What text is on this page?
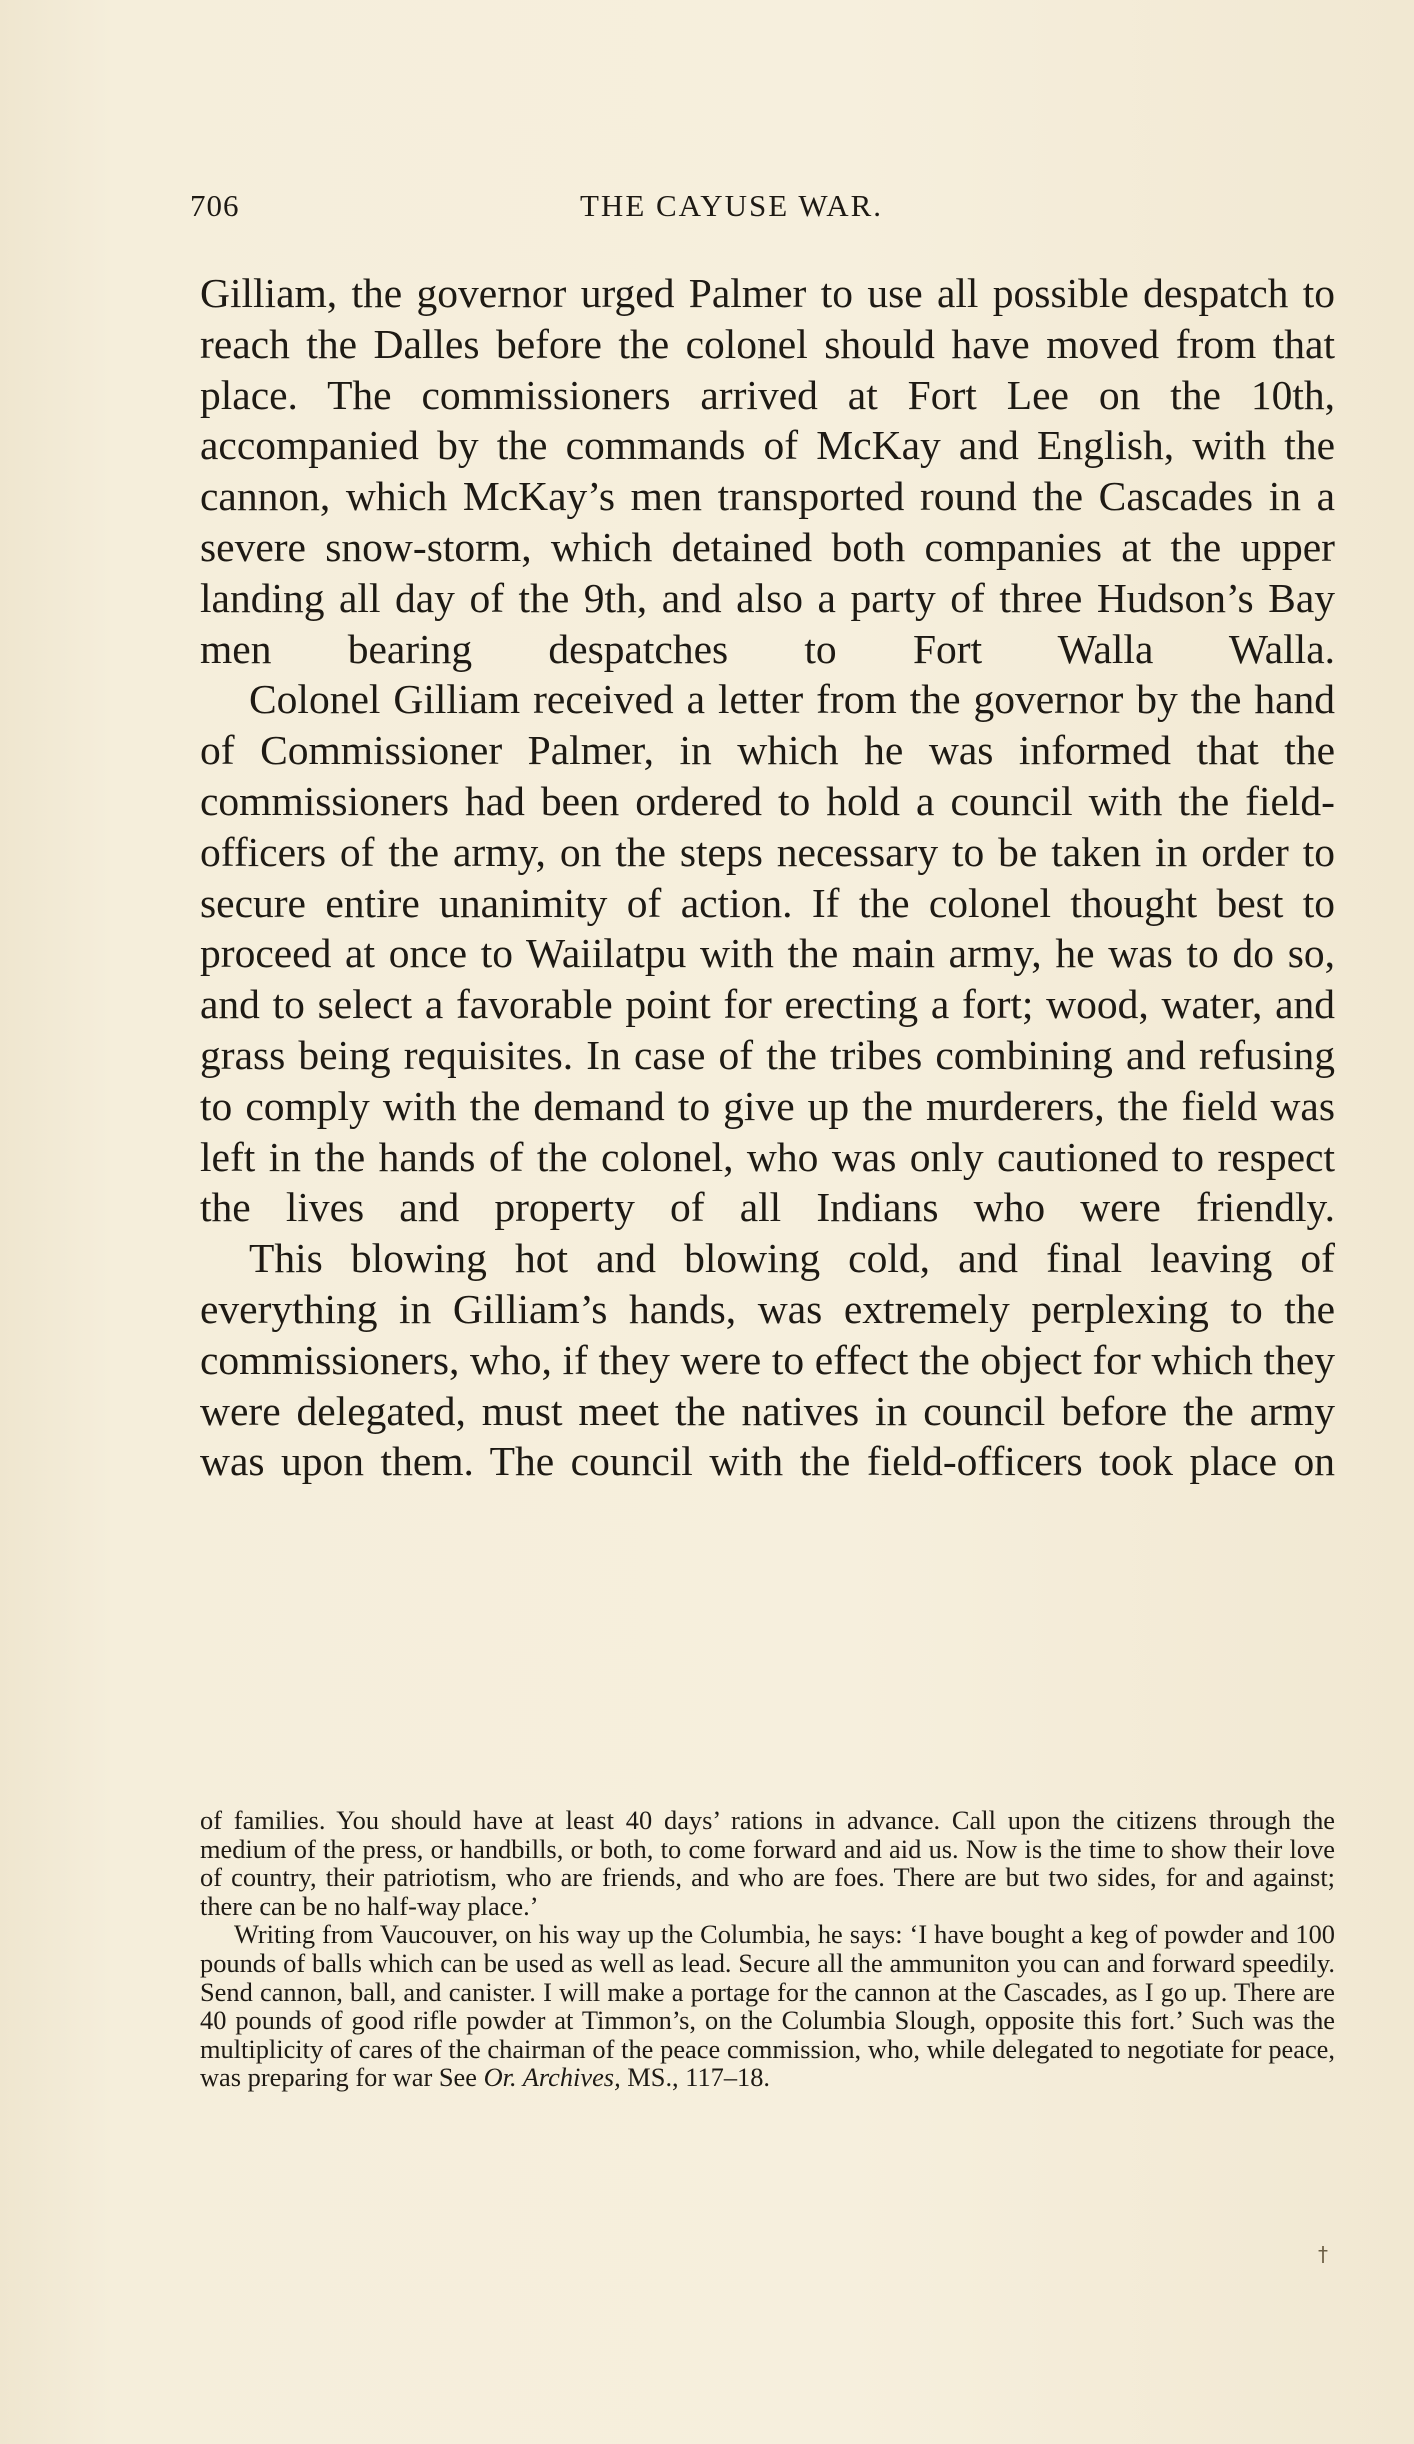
706	THE CAYUSE WAR.

Gilliam, the governor urged Palmer to use all possible despatch to reach the Dalles before the colonel should have moved from that place. The commissioners arrived at Fort Lee on the 10th, accompanied by the commands of McKay and English, with the cannon, which McKay’s men transported round the Cascades in a severe snow-storm, which detained both companies at the upper landing all day of the 9th, and also a party of three Hudson’s Bay men bearing despatches to Fort Walla Walla.

Colonel Gilliam received a letter from the governor by the hand of Commissioner Palmer, in which he was informed that the commissioners had been ordered to hold a council with the field-officers of the army, on the steps necessary to be taken in order to secure entire unanimity of action. If the colonel thought best to proceed at once to Waiilatpu with the main army, he was to do so, and to select a favorable point for erecting a fort; wood, water, and grass being requisites. In case of the tribes combining and refusing to comply with the demand to give up the murderers, the field was left in the hands of the colonel, who was only cautioned to respect the lives and property of all Indians who were friendly.

This blowing hot and blowing cold, and final leaving of everything in Gilliam’s hands, was extremely perplexing to the commissioners, who, if they were to effect the object for which they were delegated, must meet the natives in council before the army was upon them. The council with the field-officers took place on

of families. You should have at least 40 days’ rations in advance. Call upon the citizens through the medium of the press, or handbills, or both, to come forward and aid us. Now is the time to show their love of country, their patriotism, who are friends, and who are foes. There are but two sides, for and against; there can be no half-way place.’

Writing from Vaucouver, on his way up the Columbia, he says: ‘I have bought a keg of powder and 100 pounds of balls which can be used as well as lead. Secure all the ammuniton you can and forward speedily. Send cannon, ball, and canister. I will make a portage for the cannon at the Cascades, as I go up. There are 40 pounds of good rifle powder at Timmon’s, on the Columbia Slough, opposite this fort.’ Such was the multiplicity of cares of the chairman of the peace commission, who, while delegated to negotiate for peace, was preparing for war See Or. Archives, MS., 117–18.

†
